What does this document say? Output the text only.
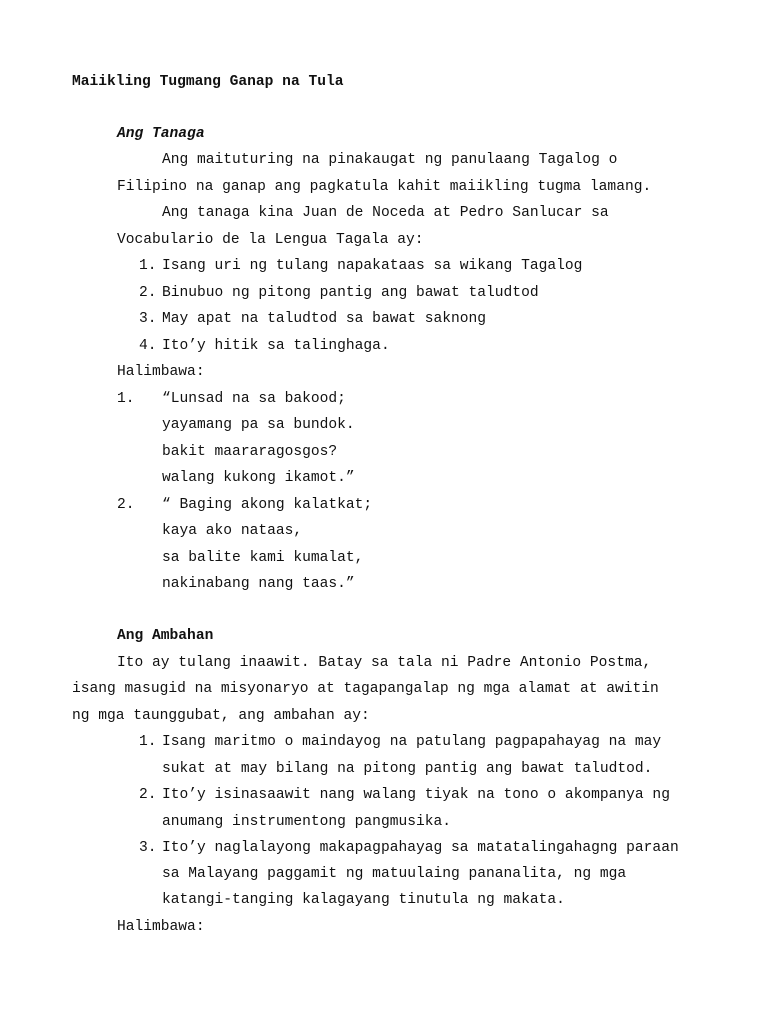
Maiikling Tugmang Ganap na Tula
Ang Tanaga
Ang maituturing na pinakaugat ng panulaang Tagalog o
Filipino na ganap ang pagkatula kahit maiikling tugma lamang.
Ang tanaga kina Juan de Noceda at Pedro Sanlucar sa
Vocabulario de la Lengua Tagala ay:
1. Isang uri ng tulang napakataas sa wikang Tagalog
2. Binubuo ng pitong pantig ang bawat taludtod
3. May apat na taludtod sa bawat saknong
4. Ito’y hitik sa talinghaga.
Halimbawa:
1. “Lunsad na sa bakood;
yayamang pa sa bundok.
bakit maararagosgos?
walang kukong ikamot.”
2. “ Baging akong kalatkat;
kaya ako nataas,
sa balite kami kumalat,
nakinabang nang taas.”
Ang Ambahan
Ito ay tulang inaawit. Batay sa tala ni Padre Antonio Postma,
isang masugid na misyonaryo at tagapangalap ng mga alamat at awitin
ng mga taunggubat, ang ambahan ay:
1. Isang maritmo o maindayog na patulang pagpapahayag na may
sukat at may bilang na pitong pantig ang bawat taludtod.
2. Ito’y isinasaawit nang walang tiyak na tono o akompanya ng
anumang instrumentong pangmusika.
3. Ito’y naglalayong makapagpahayag sa matatalingahagng paraan
sa Malayang paggamit ng matuulaing pananalita, ng mga
katangi-tanging kalagayang tinutula ng makata.
Halimbawa:
